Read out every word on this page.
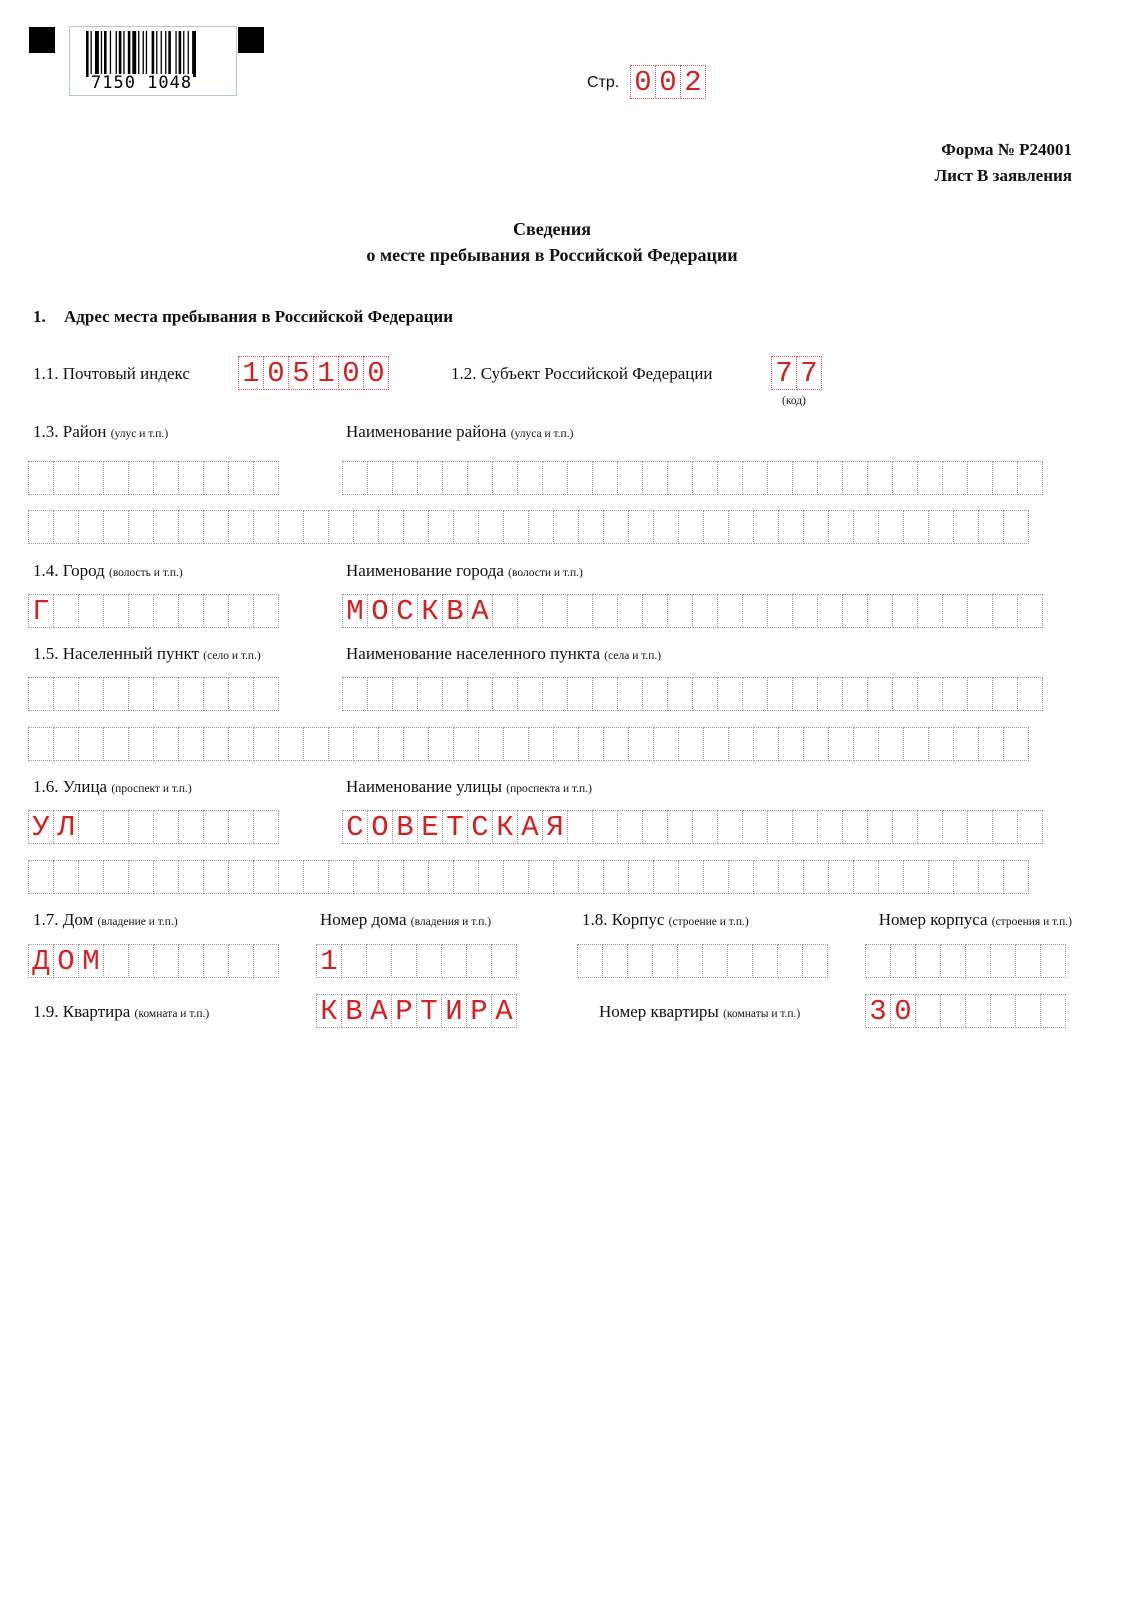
7150 1048	Стр. 0 0 2
Форма № Р24001
Лист В заявления
Сведения
о месте пребывания в Российской Федерации
1. Адрес места пребывания в Российской Федерации
1.1. Почтовый индекс 1 0 5 1 0 0	1.2. Субъект Российской Федерации 7 7
(код)
1.3. Район (улус и т.п.)	Наименование района (улуса и т.п.)
1.4. Город (волость и т.п.)	Наименование города (волости и т.п.)
Г	М О С К В А
1.5. Населенный пункт (село и т.п.)	Наименование населенного пункта (села и т.п.)
1.6. Улица (проспект и т.п.)	Наименование улицы (проспекта и т.п.)
У Л	С О В Е Т С К А Я
1.7. Дом (владение и т.п.)	Номер дома (владения и т.п.)	1.8. Корпус (строение и т.п.)	Номер корпуса (строения и т.п.)
Д О М	1
1.9. Квартира (комната и т.п.)	К В А Р Т И Р А	Номер квартиры (комнаты и т.п.) 3 0
